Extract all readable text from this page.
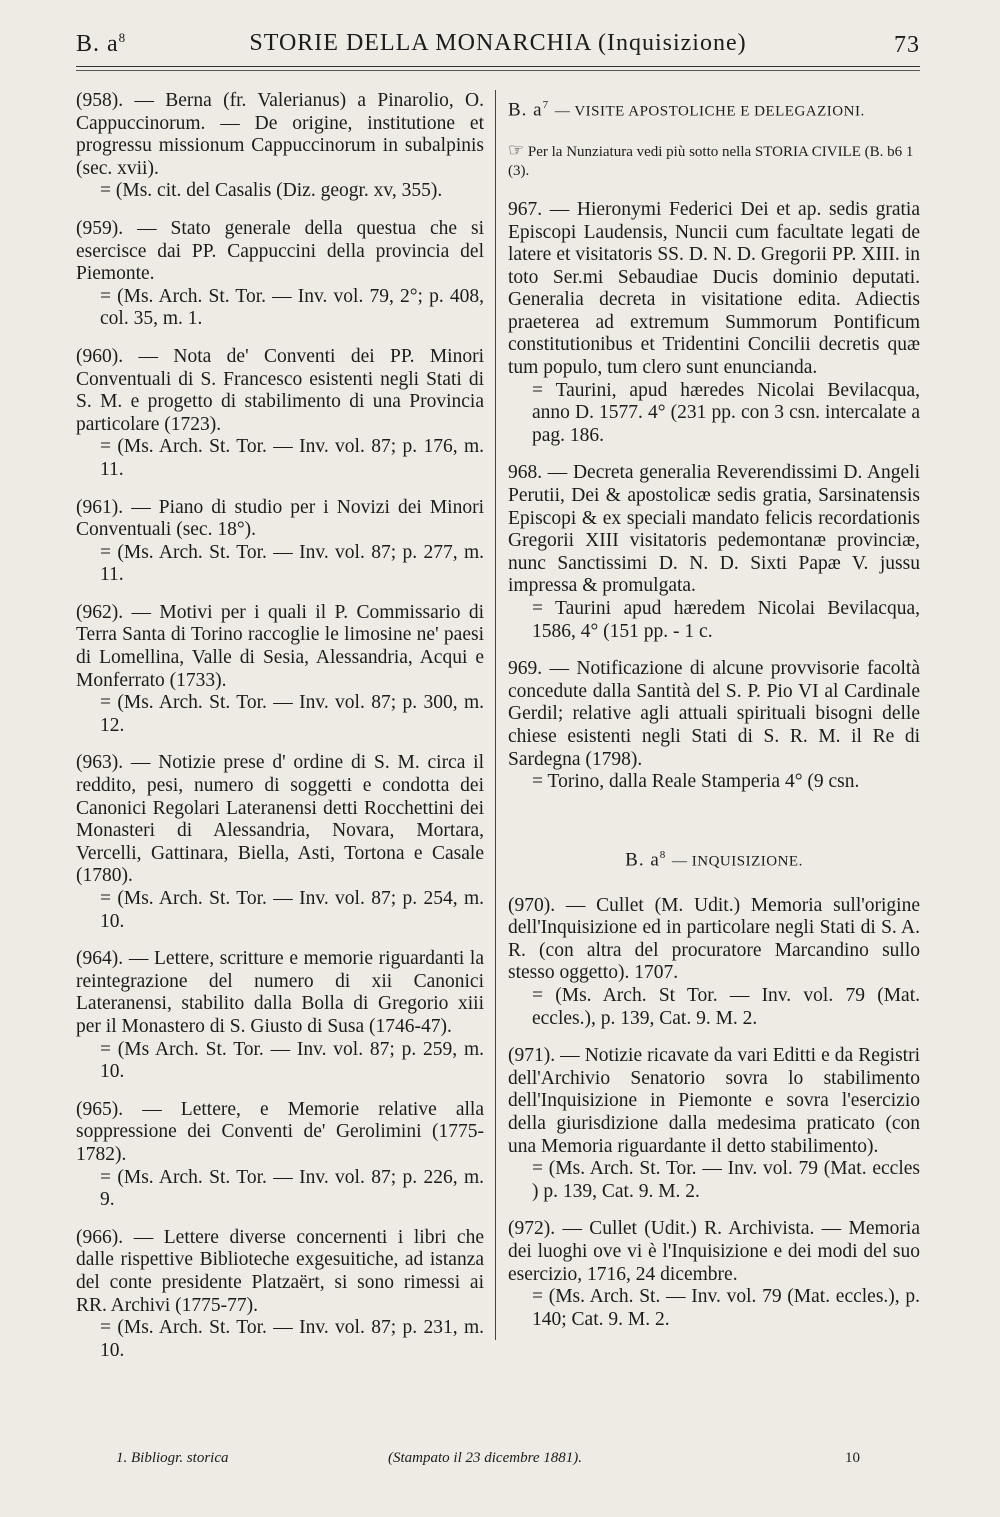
B. $a^8$	STORIE DELLA MONARCHIA (Inquisizione)	73

(958). — Berna (fr. Valerianus) a Pinarolio, O. Cappuccinorum. — De origine, institutione et progressu missionum Cappuccinorum in subalpinis (sec. xvii).

= (Ms. cit. del Casalis (Diz. geogr. xv, 355).

(959). — Stato generale della questua che si esercisce dai PP. Cappuccini della provincia del Piemonte.

= (Ms. Arch. St. Tor. — Inv. vol. 79, 2°; p. 408, col. 35, m. 1.

(960). — Nota de' Conventi dei PP. Minori Conventuali di S. Francesco esistenti negli Stati di S. M. e progetto di stabilimento di una Provincia particolare (1723).

= (Ms. Arch. St. Tor. — Inv. vol. 87; p. 176, m. 11.

(961). — Piano di studio per i Novizi dei Minori Conventuali (sec. 18°).

= (Ms. Arch. St. Tor. — Inv. vol. 87; p. 277, m. 11.

(962). — Motivi per i quali il P. Commissario di Terra Santa di Torino raccoglie le limosine ne' paesi di Lomellina, Valle di Sesia, Alessandria, Acqui e Monferrato (1733).

= (Ms. Arch. St. Tor. — Inv. vol. 87; p. 300, m. 12.

(963). — Notizie prese d' ordine di S. M. circa il reddito, pesi, numero di soggetti e condotta dei Canonici Regolari Lateranensi detti Rocchettini dei Monasteri di Alessandria, Novara, Mortara, Vercelli, Gattinara, Biella, Asti, Tortona e Casale (1780).

= (Ms. Arch. St. Tor. — Inv. vol. 87; p. 254, m. 10.

(964). — Lettere, scritture e memorie riguardanti la reintegrazione del numero di xii Canonici Lateranensi, stabilito dalla Bolla di Gregorio xiii per il Monastero di S. Giusto di Susa (1746-47).

= (Ms Arch. St. Tor. — Inv. vol. 87; p. 259, m. 10.

(965). — Lettere, e Memorie relative alla soppressione dei Conventi de' Gerolimini (1775-1782).

= (Ms. Arch. St. Tor. — Inv. vol. 87; p. 226, m. 9.

(966). — Lettere diverse concernenti i libri che dalle rispettive Biblioteche exgesuitiche, ad istanza del conte presidente Platzaërt, si sono rimessi ai RR. Archivi (1775-77).

= (Ms. Arch. St. Tor. — Inv. vol. 87; p. 231, m. 10.

B. $a^7$ — VISITE APOSTOLICHE E DELEGAZIONI.
☞ Per la Nunziatura vedi più sotto nella STORIA CIVILE (B. b6 1 (3).

967. — Hieronymi Federici Dei et ap. sedis gratia Episcopi Laudensis, Nuncii cum facultate legati de latere et visitatoris SS. D. N. D. Gregorii PP. XIII. in toto Ser.mi Sebaudiae Ducis dominio deputati. Generalia decreta in visitatione edita. Adiectis praeterea ad extremum Summorum Pontificum constitutionibus et Tridentini Concilii decretis quæ tum populo, tum clero sunt enuncianda.

= Taurini, apud hæredes Nicolai Bevilacqua, anno D. 1577. 4° (231 pp. con 3 csn. intercalate a pag. 186.

968. — Decreta generalia Reverendissimi D. Angeli Perutii, Dei & apostolicæ sedis gratia, Sarsinatensis Episcopi & ex speciali mandato felicis recordationis Gregorii XIII visitatoris pedemontanæ provinciæ, nunc Sanctissimi D. N. D. Sixti Papæ V. jussu impressa & promulgata.

= Taurini apud hæredem Nicolai Bevilacqua, 1586, 4° (151 pp. - 1 c.

969. — Notificazione di alcune provvisorie facoltà concedute dalla Santità del S. P. Pio VI al Cardinale Gerdil; relative agli attuali spirituali bisogni delle chiese esistenti negli Stati di S. R. M. il Re di Sardegna (1798).

= Torino, dalla Reale Stamperia 4° (9 csn.

B. $a^8$ — INQUISIZIONE.

(970). — Cullet (M. Udit.) Memoria sull'origine dell'Inquisizione ed in particolare negli Stati di S. A. R. (con altra del procuratore Marcandino sullo stesso oggetto). 1707.

= (Ms. Arch. St Tor. — Inv. vol. 79 (Mat. eccles.), p. 139, Cat. 9. M. 2.

(971). — Notizie ricavate da vari Editti e da Registri dell'Archivio Senatorio sovra lo stabilimento dell'Inquisizione in Piemonte e sovra l'esercizio della giurisdizione dalla medesima praticato (con una Memoria riguardante il detto stabilimento).

= (Ms. Arch. St. Tor. — Inv. vol. 79 (Mat. eccles ) p. 139, Cat. 9. M. 2.

(972). — Cullet (Udit.) R. Archivista. — Memoria dei luoghi ove vi è l'Inquisizione e dei modi del suo esercizio, 1716, 24 dicembre.

= (Ms. Arch. St. — Inv. vol. 79 (Mat. eccles.), p. 140; Cat. 9. M. 2.

1. Bibliogr. storica	(Stampato il 23 dicembre 1881).	10
